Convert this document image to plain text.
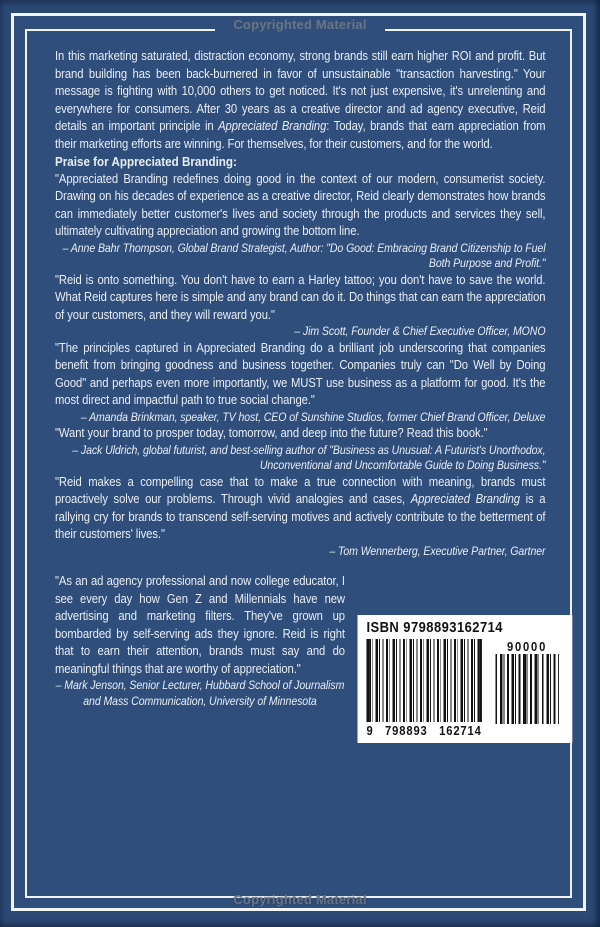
Copyrighted Material

In this marketing saturated, distraction economy, strong brands still earn higher ROI and profit. But brand building has been back-burnered in favor of unsustainable "transaction harvesting." Your message is fighting with 10,000 others to get noticed. It's not just expensive, it's unrelenting and everywhere for consumers. After 30 years as a creative director and ad agency executive, Reid details an important principle in Appreciated Branding: Today, brands that earn appreciation from their marketing efforts are winning. For themselves, for their customers, and for the world.

Praise for Appreciated Branding:

"Appreciated Branding redefines doing good in the context of our modern, consumerist society. Drawing on his decades of experience as a creative director, Reid clearly demonstrates how brands can immediately better customer's lives and society through the products and services they sell, ultimately cultivating appreciation and growing the bottom line.

– Anne Bahr Thompson, Global Brand Strategist, Author: "Do Good: Embracing Brand Citizenship to Fuel Both Purpose and Profit."

"Reid is onto something. You don't have to earn a Harley tattoo; you don't have to save the world. What Reid captures here is simple and any brand can do it. Do things that can earn the appreciation of your customers, and they will reward you."

– Jim Scott, Founder & Chief Executive Officer, MONO

"The principles captured in Appreciated Branding do a brilliant job underscoring that companies benefit from bringing goodness and business together. Companies truly can "Do Well by Doing Good" and perhaps even more importantly, we MUST use business as a platform for good. It's the most direct and impactful path to true social change."

– Amanda Brinkman, speaker, TV host, CEO of Sunshine Studios, former Chief Brand Officer, Deluxe

"Want your brand to prosper today, tomorrow, and deep into the future? Read this book."

– Jack Uldrich, global futurist, and best-selling author of "Business as Unusual: A Futurist's Unorthodox, Unconventional and Uncomfortable Guide to Doing Business."

"Reid makes a compelling case that to make a true connection with meaning, brands must proactively solve our problems. Through vivid analogies and cases, Appreciated Branding is a rallying cry for brands to transcend self-serving motives and actively contribute to the betterment of their customers' lives."

– Tom Wennerberg, Executive Partner, Gartner

ISBN 9798893162714
9 798893 162714
90000

"As an ad agency professional and now college educator, I see every day how Gen Z and Millennials have new advertising and marketing filters. They've grown up bombarded by self-serving ads they ignore. Reid is right that to earn their attention, brands must say and do meaningful things that are worthy of appreciation."

– Mark Jenson, Senior Lecturer, Hubbard School of Journalism and Mass Communication, University of Minnesota

Copyrighted Material
